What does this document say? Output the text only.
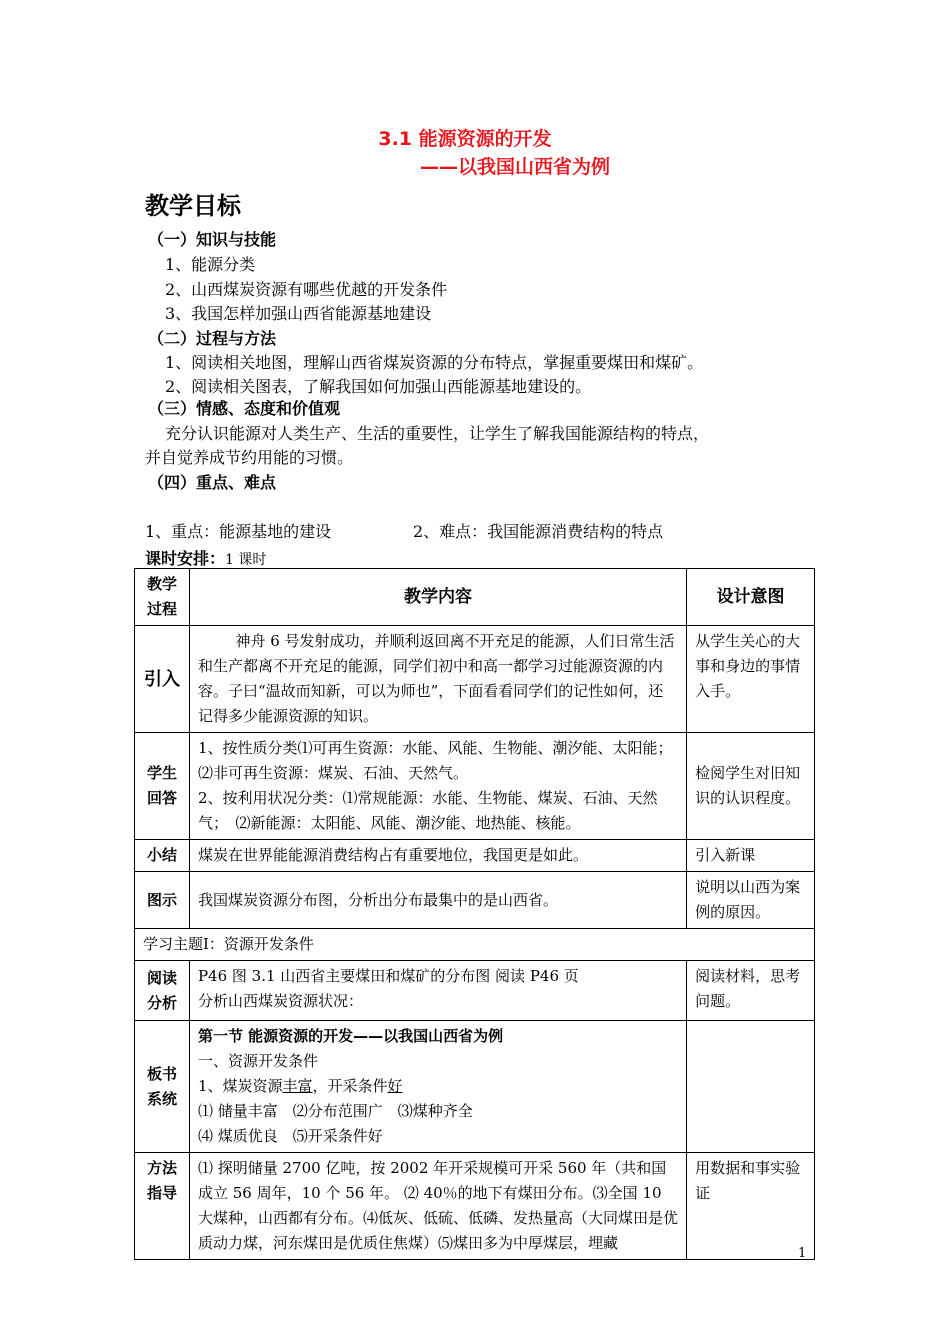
3.1 能源资源的开发
——以我国山西省为例
教学目标
（一）知识与技能
1、能源分类
2、山西煤炭资源有哪些优越的开发条件
3、我国怎样加强山西省能源基地建设
（二）过程与方法
1、阅读相关地图，理解山西省煤炭资源的分布特点，掌握重要煤田和煤矿。
2、阅读相关图表，了解我国如何加强山西能源基地建设的。
（三）情感、态度和价值观
充分认识能源对人类生产、生活的重要性，让学生了解我国能源结构的特点，
并自觉养成节约用能的习惯。
（四）重点、难点
1、重点：能源基地的建设	2、难点：我国能源消费结构的特点
课时安排：1 课时
教学过程	教学内容	设计意图
引入	神舟 6 号发射成功，并顺利返回离不开充足的能源，人们日常生活和生产都离不开充足的能源，同学们初中和高一都学习过能源资源的内容。子曰“温故而知新，可以为师也”，下面看看同学们的记性如何，还记得多少能源资源的知识。	从学生关心的大事和身边的事情入手。
学生回答	1、按性质分类⑴可再生资源：水能、风能、生物能、潮汐能、太阳能；⑵非可再生资源：煤炭、石油、天然气。
2、按利用状况分类：⑴常规能源：水能、生物能、煤炭、石油、天然气；　⑵新能源：太阳能、风能、潮汐能、地热能、核能。	检阅学生对旧知识的认识程度。
小结	煤炭在世界能能源消费结构占有重要地位，我国更是如此。	引入新课
图示	我国煤炭资源分布图，分析出分布最集中的是山西省。	说明以山西为案例的原因。
学习主题Ⅰ：资源开发条件		
阅读分析	P46 图 3.1 山西省主要煤田和煤矿的分布图 阅读 P46 页
分析山西煤炭资源状况：	阅读材料，思考问题。
板书系统	第一节 能源资源的开发——以我国山西省为例
一、资源开发条件
1、煤炭资源丰富，开采条件好
⑴ 储量丰富　⑵分布范围广　⑶煤种齐全
⑷ 煤质优良　⑸开采条件好	

方法指导	⑴ 探明储量 2700 亿吨，按 2002 年开采规模可开采 560 年（共和国成立 56 周年，10 个 56 年。 ⑵ 40％的地下有煤田分布。⑶全国 10 大煤种，山西都有分布。⑷低灰、低硫、低磷、发热量高（大同煤田是优质动力煤，河东煤田是优质住焦煤）⑸煤田多为中厚煤层，埋藏	用数据和事实验证
1
